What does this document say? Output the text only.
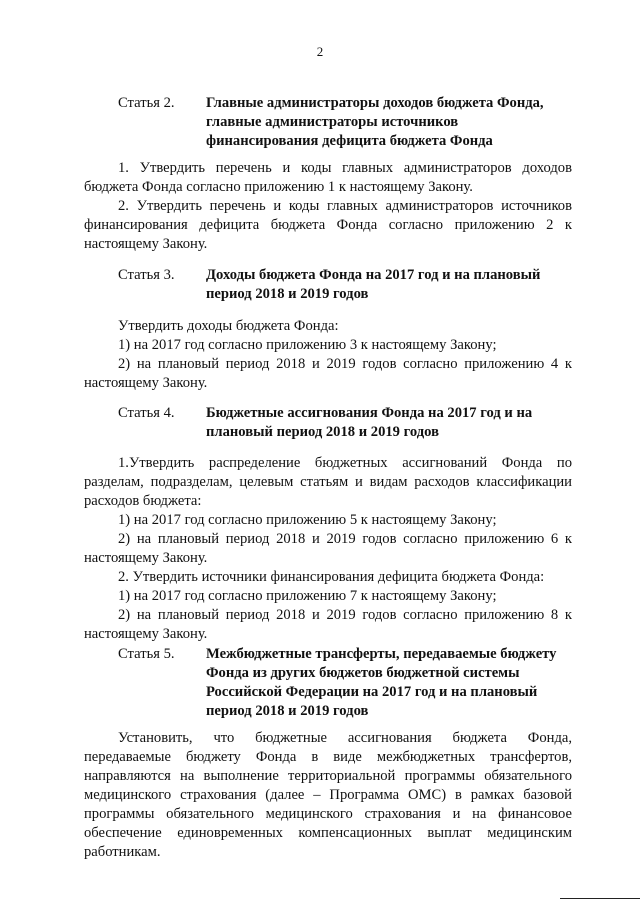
2
Статья 2.	Главные администраторы доходов бюджета Фонда, главные администраторы источников финансирования дефицита бюджета Фонда

1. Утвердить перечень и коды главных администраторов доходов бюджета Фонда согласно приложению 1 к настоящему Закону.

2. Утвердить перечень и коды главных администраторов источников финансирования дефицита бюджета Фонда согласно приложению 2 к настоящему Закону.

Статья 3.	Доходы бюджета Фонда на 2017 год и на плановый период 2018 и 2019 годов

Утвердить доходы бюджета Фонда:

1) на 2017 год согласно приложению 3 к настоящему Закону;

2) на плановый период 2018 и 2019 годов согласно приложению 4 к настоящему Закону.

Статья 4.	Бюджетные ассигнования Фонда на 2017 год и на плановый период 2018 и 2019 годов

1.Утвердить распределение бюджетных ассигнований Фонда по разделам, подразделам, целевым статьям и видам расходов классификации расходов бюджета:

1) на 2017 год согласно приложению 5 к настоящему Закону;

2) на плановый период 2018 и 2019 годов согласно приложению 6 к настоящему Закону.

2. Утвердить источники финансирования дефицита бюджета Фонда:

1) на 2017 год согласно приложению 7 к настоящему Закону;

2) на плановый период 2018 и 2019 годов согласно приложению 8 к настоящему Закону.

Статья 5.	Межбюджетные трансферты, передаваемые бюджету Фонда из других бюджетов бюджетной системы Российской Федерации на 2017 год и на плановый период 2018 и 2019 годов

Установить, что бюджетные ассигнования бюджета Фонда, передаваемые бюджету Фонда в виде межбюджетных трансфертов, направляются на выполнение территориальной программы обязательного медицинского страхования (далее – Программа ОМС) в рамках базовой программы обязательного медицинского страхования и на финансовое обеспечение единовременных компенсационных выплат медицинским работникам.
